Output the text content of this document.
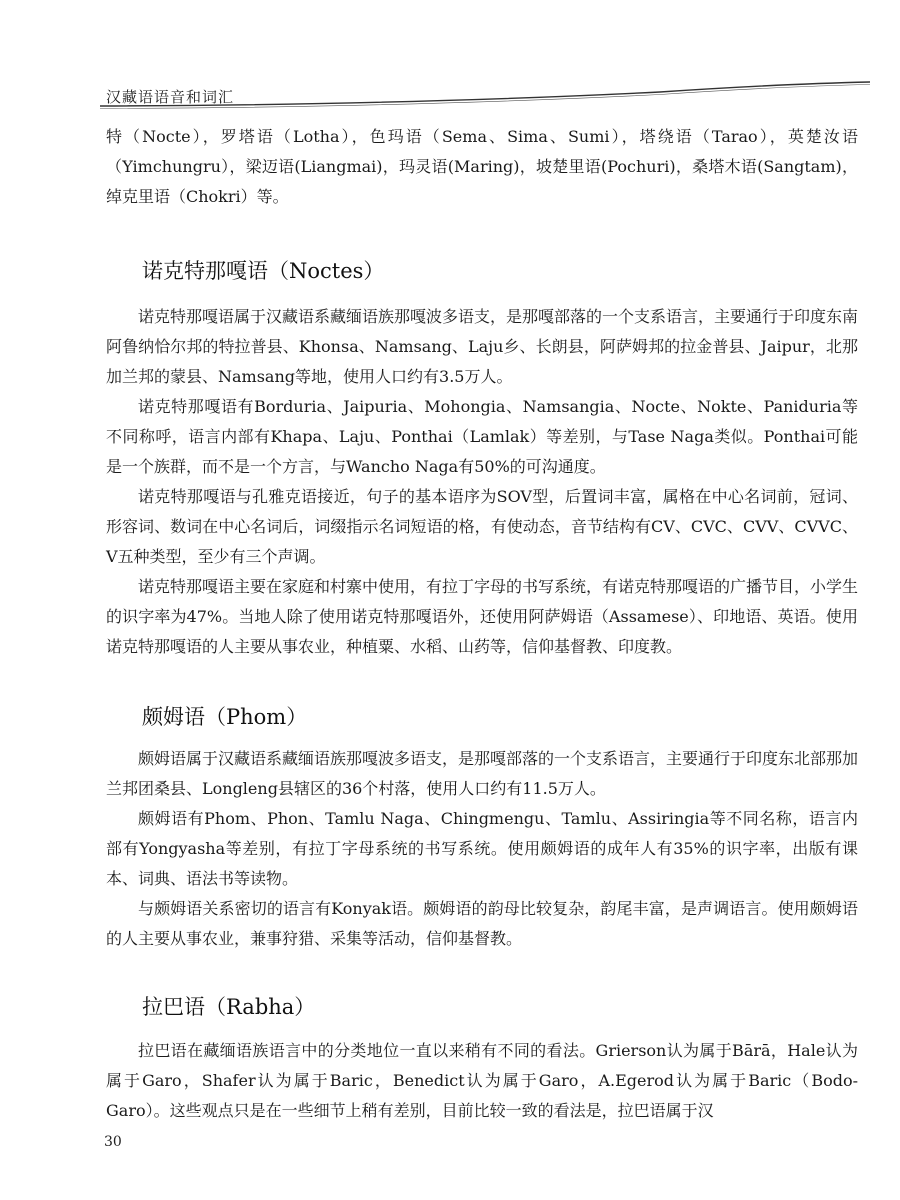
汉藏语语音和词汇

特（Nocte），罗塔语（Lotha），色玛语（Sema、Sima、Sumi），塔绕语（Tarao），英楚汝语（Yimchungru），梁迈语(Liangmai)，玛灵语(Maring)，坡楚里语(Pochuri)，桑塔木语(Sangtam)，绰克里语（Chokri）等。

诺克特那嘎语（Noctes）

诺克特那嘎语属于汉藏语系藏缅语族那嘎波多语支，是那嘎部落的一个支系语言，主要通行于印度东南阿鲁纳恰尔邦的特拉普县、Khonsa、Namsang、Laju乡、长朗县，阿萨姆邦的拉金普县、Jaipur，北那加兰邦的蒙县、Namsang等地，使用人口约有3.5万人。

诺克特那嘎语有Borduria、Jaipuria、Mohongia、Namsangia、Nocte、Nokte、Paniduria等不同称呼，语言内部有Khapa、Laju、Ponthai（Lamlak）等差别，与Tase Naga类似。Ponthai可能是一个族群，而不是一个方言，与Wancho Naga有50%的可沟通度。

诺克特那嘎语与孔雅克语接近，句子的基本语序为SOV型，后置词丰富，属格在中心名词前，冠词、形容词、数词在中心名词后，词缀指示名词短语的格，有使动态，音节结构有CV、CVC、CVV、CVVC、V五种类型，至少有三个声调。

诺克特那嘎语主要在家庭和村寨中使用，有拉丁字母的书写系统，有诺克特那嘎语的广播节目，小学生的识字率为47%。当地人除了使用诺克特那嘎语外，还使用阿萨姆语（Assamese）、印地语、英语。使用诺克特那嘎语的人主要从事农业，种植粟、水稻、山药等，信仰基督教、印度教。

颇姆语（Phom）

颇姆语属于汉藏语系藏缅语族那嘎波多语支，是那嘎部落的一个支系语言，主要通行于印度东北部那加兰邦团桑县、Longleng县辖区的36个村落，使用人口约有11.5万人。

颇姆语有Phom、Phon、Tamlu Naga、Chingmengu、Tamlu、Assiringia等不同名称，语言内部有Yongyasha等差别，有拉丁字母系统的书写系统。使用颇姆语的成年人有35%的识字率，出版有课本、词典、语法书等读物。

与颇姆语关系密切的语言有Konyak语。颇姆语的韵母比较复杂，韵尾丰富，是声调语言。使用颇姆语的人主要从事农业，兼事狩猎、采集等活动，信仰基督教。

拉巴语（Rabha）

拉巴语在藏缅语族语言中的分类地位一直以来稍有不同的看法。Grierson认为属于Bārā，Hale认为属于Garo，Shafer认为属于Baric，Benedict认为属于Garo，A.Egerod认为属于Baric（Bodo-Garo）。这些观点只是在一些细节上稍有差别，目前比较一致的看法是，拉巴语属于汉

30
